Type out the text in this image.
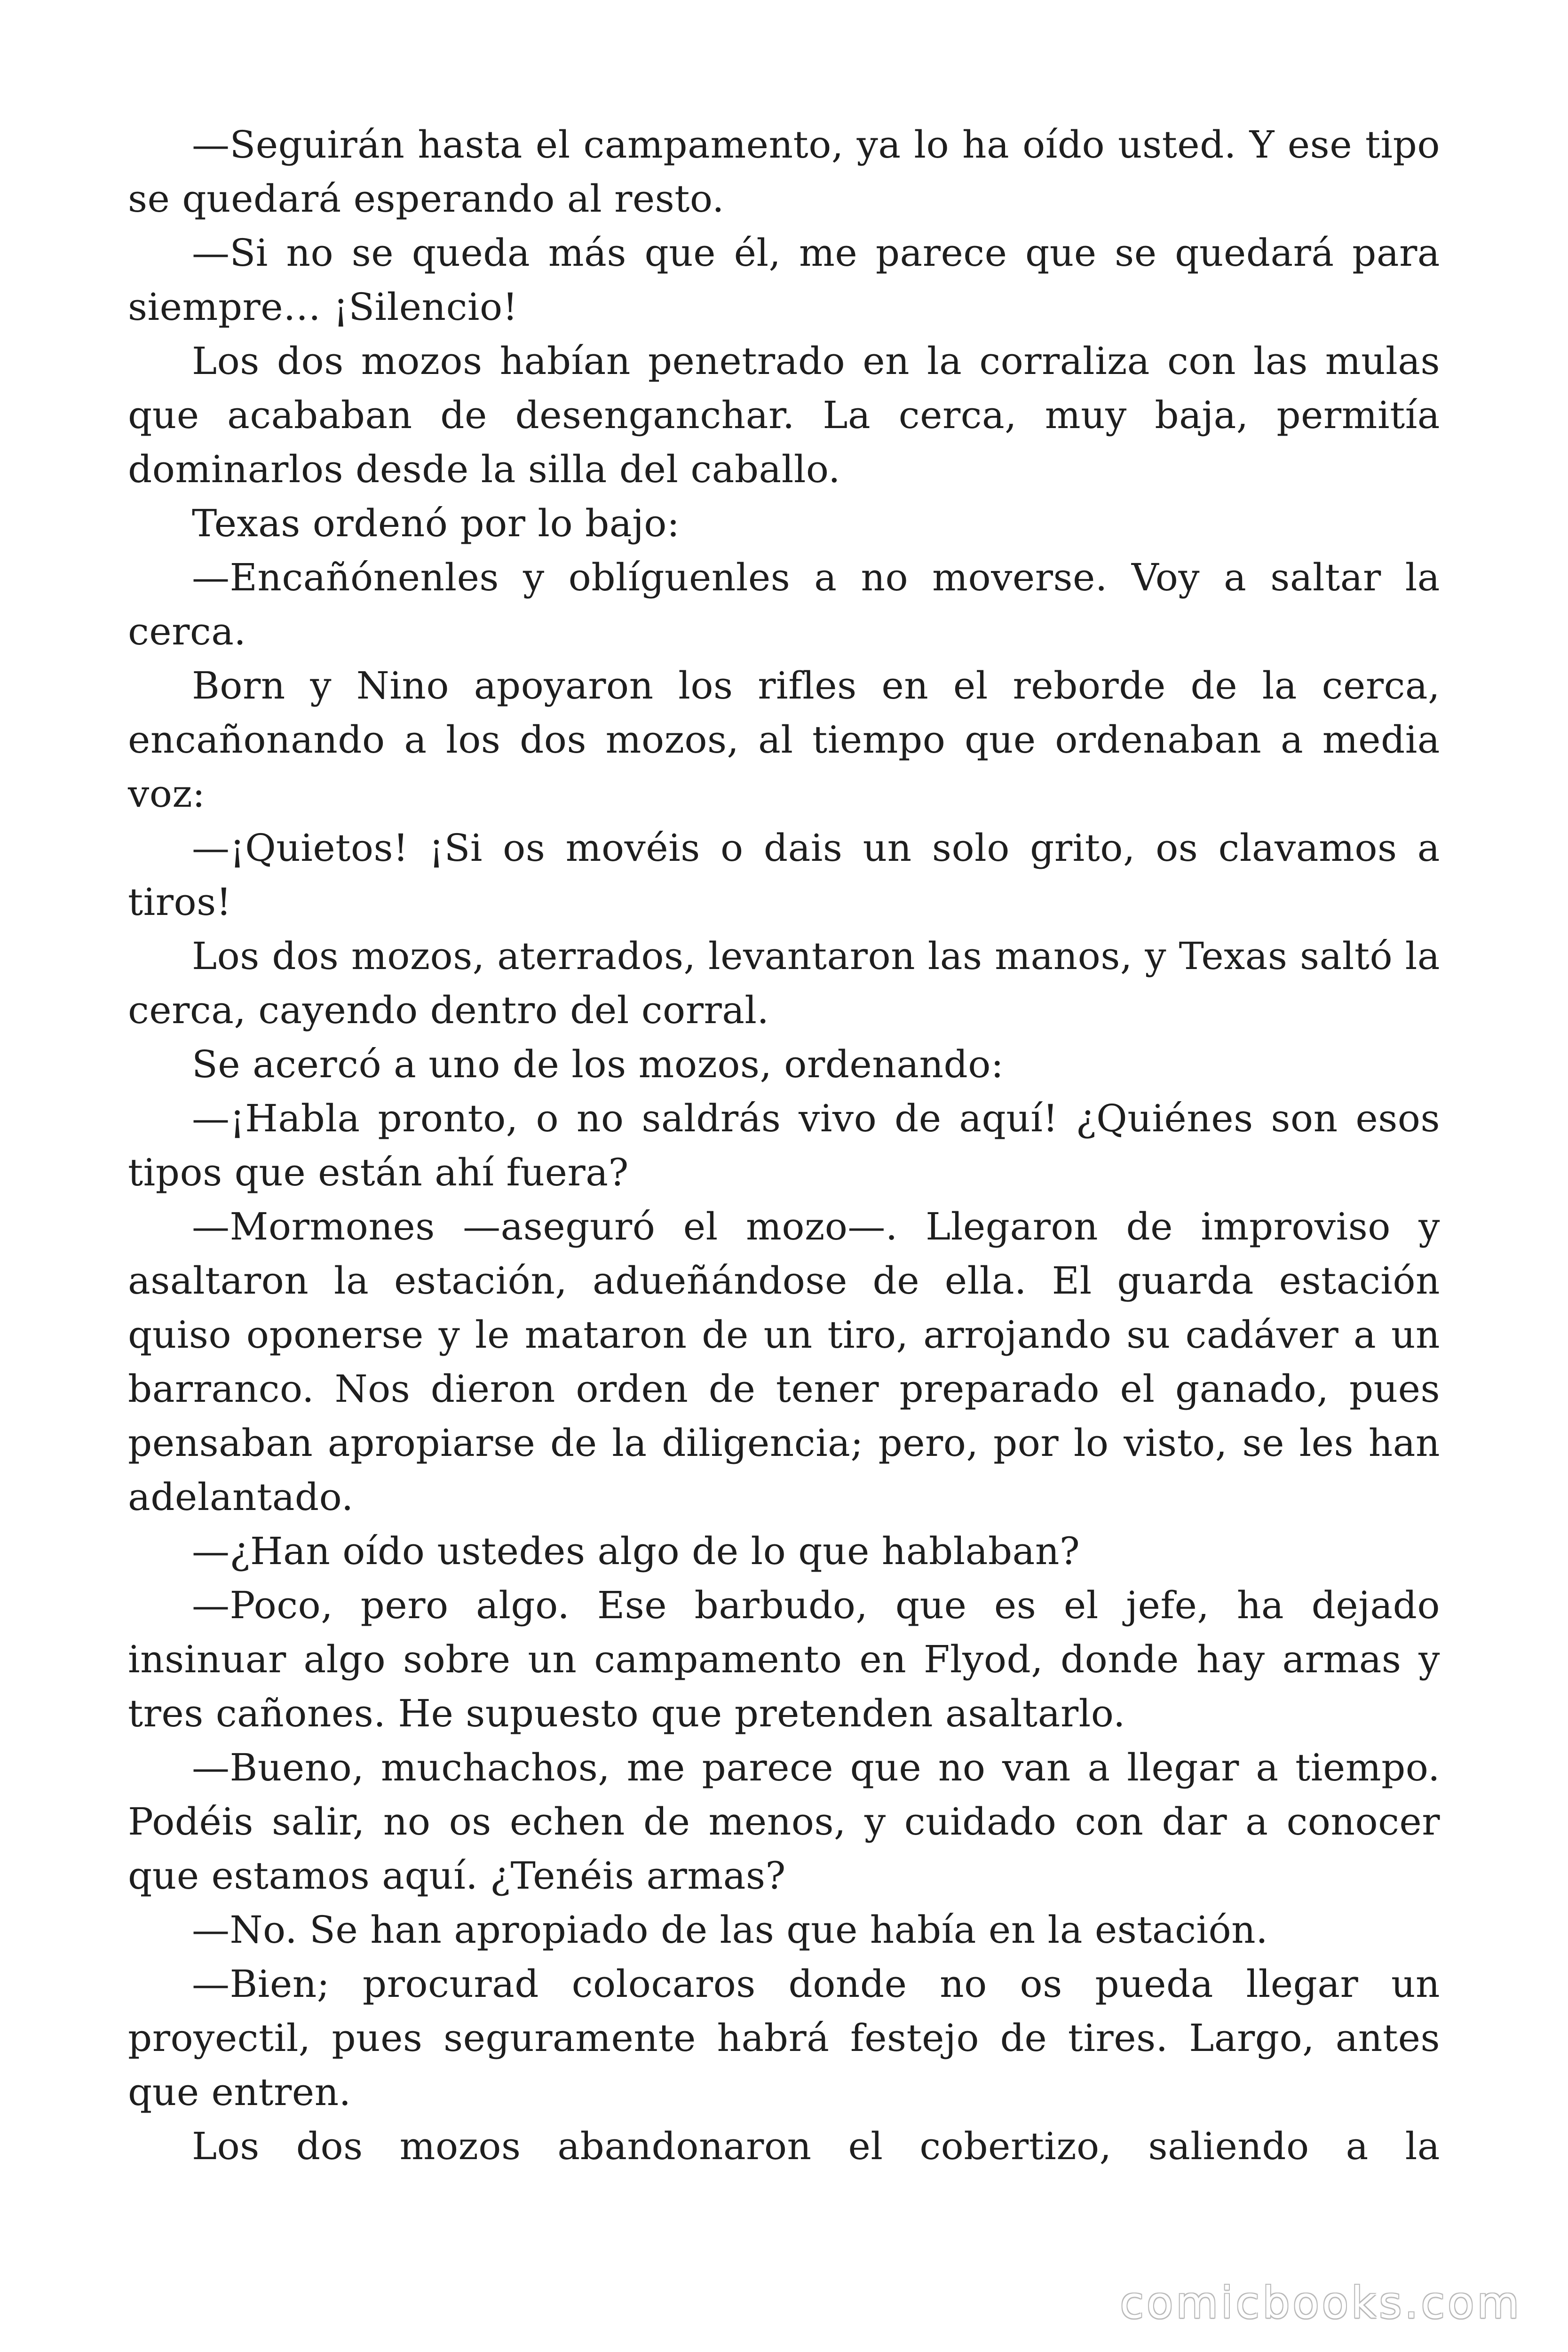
—Seguirán hasta el campamento, ya lo ha oído usted. Y ese tipo se quedará esperando al resto.

—Si no se queda más que él, me parece que se quedará para siempre… ¡Silencio!

Los dos mozos habían penetrado en la corraliza con las mulas que acababan de desenganchar. La cerca, muy baja, permitía dominarlos desde la silla del caballo.

Texas ordenó por lo bajo:

—Encañónenles y oblíguenles a no moverse. Voy a saltar la cerca.

Born y Nino apoyaron los rifles en el reborde de la cerca, encañonando a los dos mozos, al tiempo que ordenaban a media voz:

—¡Quietos! ¡Si os movéis o dais un solo grito, os clavamos a tiros!

Los dos mozos, aterrados, levantaron las manos, y Texas saltó la cerca, cayendo dentro del corral.

Se acercó a uno de los mozos, ordenando:

—¡Habla pronto, o no saldrás vivo de aquí! ¿Quiénes son esos tipos que están ahí fuera?

—Mormones —aseguró el mozo—. Llegaron de improviso y asaltaron la estación, adueñándose de ella. El guarda estación quiso oponerse y le mataron de un tiro, arrojando su cadáver a un barranco. Nos dieron orden de tener preparado el ganado, pues pensaban apropiarse de la diligencia; pero, por lo visto, se les han adelantado.

—¿Han oído ustedes algo de lo que hablaban?

—Poco, pero algo. Ese barbudo, que es el jefe, ha dejado insinuar algo sobre un campamento en Flyod, donde hay armas y tres cañones. He supuesto que pretenden asaltarlo.

—Bueno, muchachos, me parece que no van a llegar a tiempo. Podéis salir, no os echen de menos, y cuidado con dar a conocer que estamos aquí. ¿Tenéis armas?

—No. Se han apropiado de las que había en la estación.

—Bien; procurad colocaros donde no os pueda llegar un proyectil, pues seguramente habrá festejo de tires. Largo, antes que entren.

Los dos mozos abandonaron el cobertizo, saliendo a la

comicbooks.com
